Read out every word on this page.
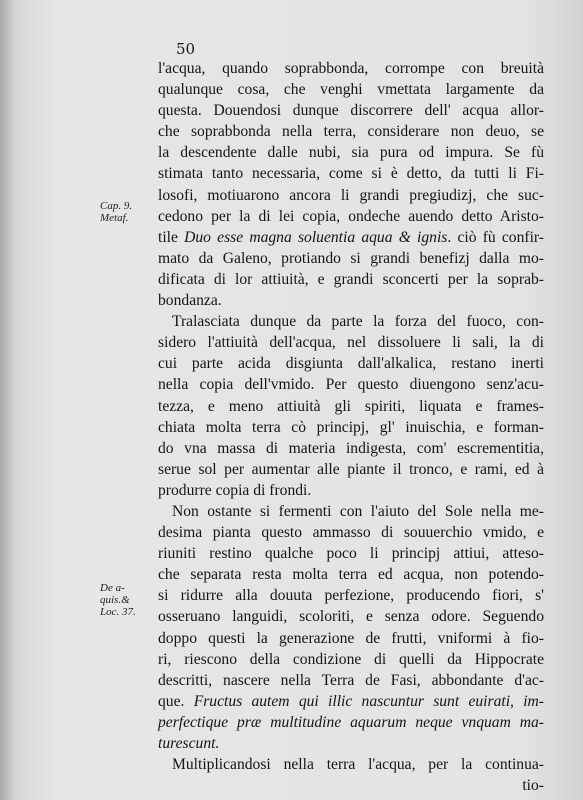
50
Cap. 9.
Metaf.
De a-
quis.&
Loc. 37.

l'acqua, quando soprabbonda, corrompe con breuità

qualunque cosa, che venghi vmettata largamente da

questa. Douendosi dunque discorrere dell' acqua allor-

che soprabbonda nella terra, considerare non deuo, se

la descendente dalle nubi, sia pura od impura. Se fù

stimata tanto necessaria, come si è detto, da tutti li Fi-

losofi, motiuarono ancora li grandi pregiudizj, che suc-

cedono per la di lei copia, ondeche auendo detto Aristo-

tile Duo esse magna soluentia aqua & ignis. ciò fù confir-

mato da Galeno, protiando si grandi benefizj dalla mo-

dificata di lor attiuità, e grandi sconcerti per la soprab-

bondanza.

Tralasciata dunque da parte la forza del fuoco, con-

sidero l'attiuità dell'acqua, nel dissoluere li sali, la di

cui parte acida disgiunta dall'alkalica, restano inerti

nella copia dell'vmido. Per questo diuengono senz'acu-

tezza, e meno attiuità gli spiriti, liquata e frames-

chiata molta terra cò principj, gl' inuischia, e forman-

do vna massa di materia indigesta, com' escrementitia,

serue sol per aumentar alle piante il tronco, e rami, ed à

produrre copia di frondi.

Non ostante si fermenti con l'aiuto del Sole nella me-

desima pianta questo ammasso di souuerchio vmido, e

riuniti restino qualche poco li principj attiui, atteso-

che separata resta molta terra ed acqua, non potendo-

si ridurre alla douuta perfezione, producendo fiori, s'

osseruano languidi, scoloriti, e senza odore. Seguendo

doppo questi la generazione de frutti, vniformi à fio-

ri, riescono della condizione di quelli da Hippocrate

descritti, nascere nella Terra de Fasi, abbondante d'ac-

que. Fructus autem qui illic nascuntur sunt euirati, im-

perfectique præ multitudine aquarum neque vnquam ma-

turescunt.

Multiplicandosi nella terra l'acqua, per la continua-

tio-
